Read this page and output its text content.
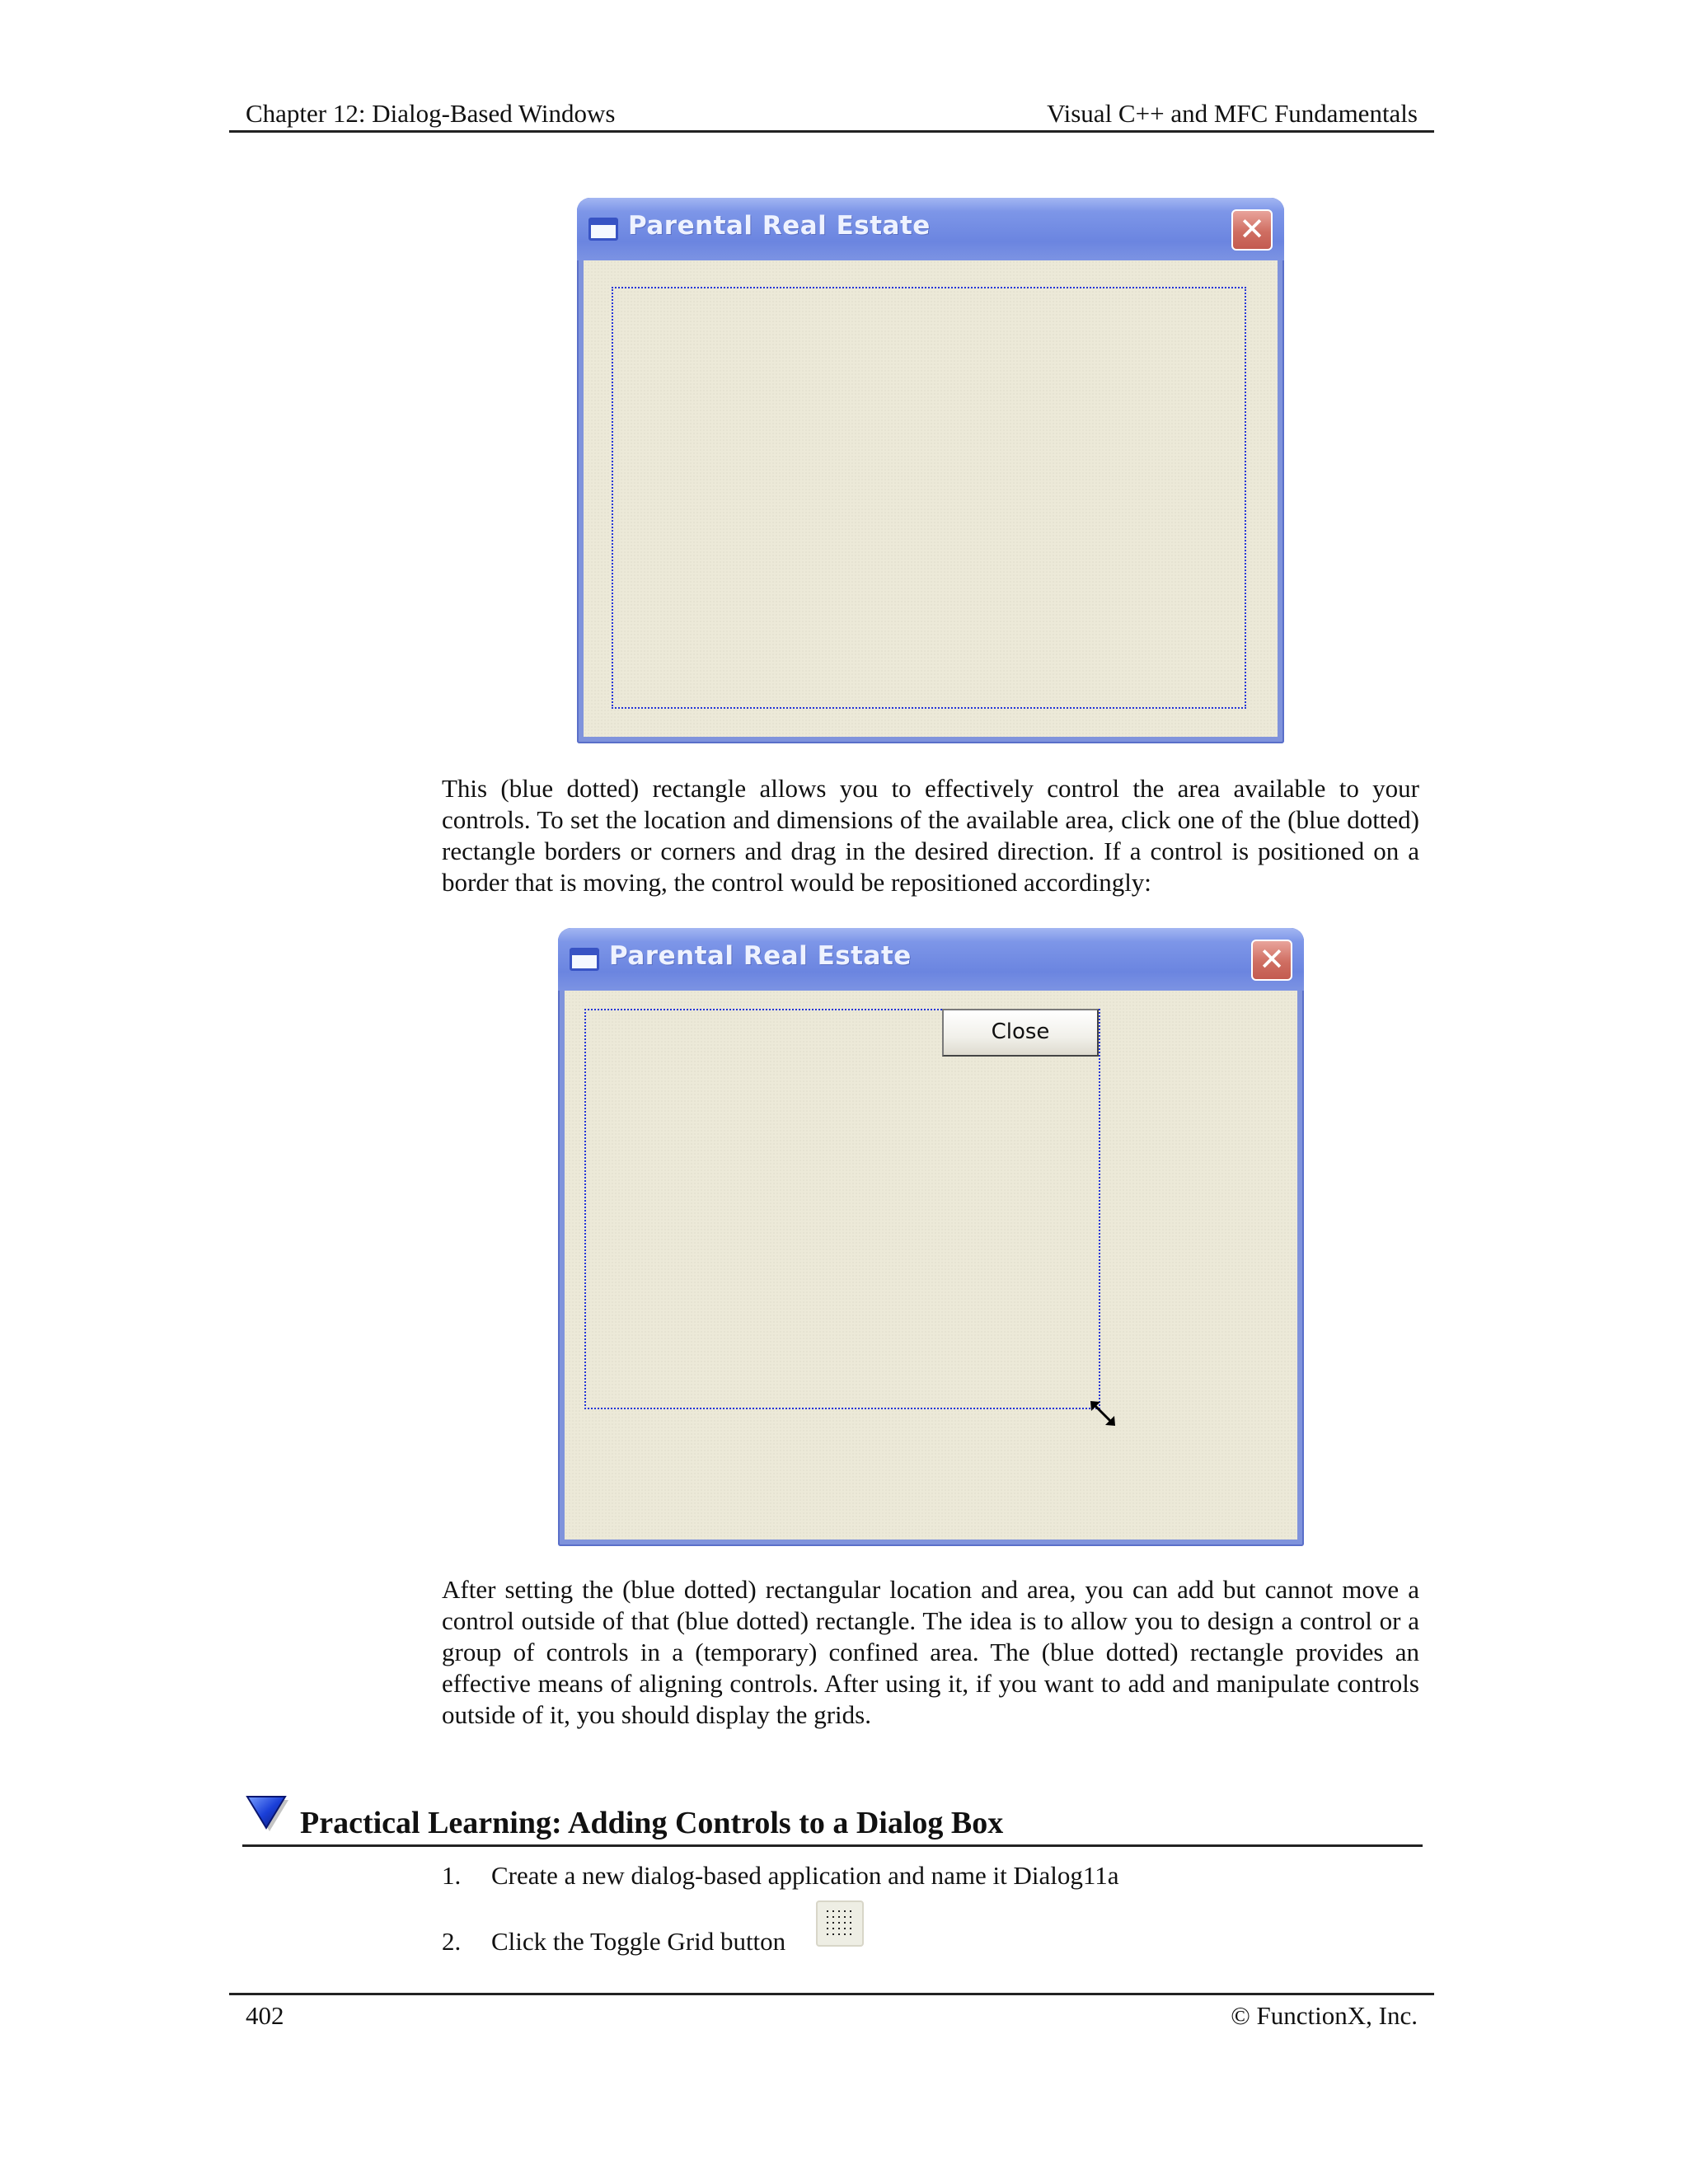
Chapter 12: Dialog-Based Windows	Visual C++ and MFC Fundamentals
Parental Real Estate	✕
This (blue dotted) rectangle allows you to effectively control the area available to your controls. To set the location and dimensions of the available area, click one of the (blue dotted) rectangle borders or corners and drag in the desired direction. If a control is positioned on a border that is moving, the control would be repositioned accordingly:
Parental Real Estate	✕
Close
After setting the (blue dotted) rectangular location and area, you can add but cannot move a control outside of that (blue dotted) rectangle. The idea is to allow you to design a control or a group of controls in a (temporary) confined area. The (blue dotted) rectangle provides an effective means of aligning controls. After using it, if you want to add and manipulate controls outside of it, you should display the grids.
Practical Learning: Adding Controls to a Dialog Box
1. Create a new dialog-based application and name it Dialog11a
2. Click the Toggle Grid button
402	© FunctionX, Inc.
